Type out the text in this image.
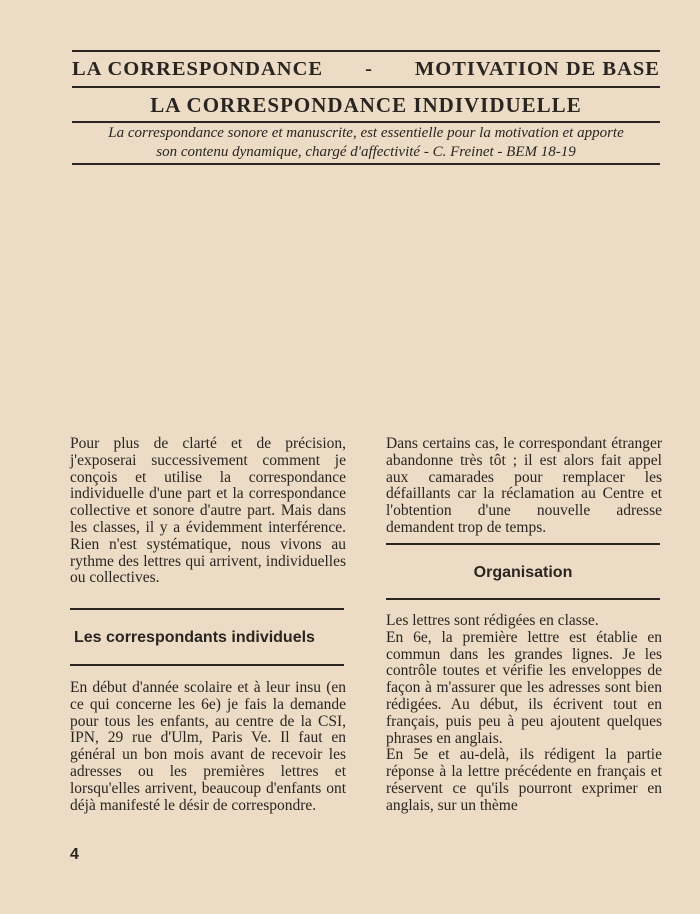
LA CORRESPONDANCE - MOTIVATION DE BASE
LA CORRESPONDANCE INDIVIDUELLE
La correspondance sonore et manuscrite, est essentielle pour la motivation et apporte
son contenu dynamique, chargé d'affectivité - C. Freinet - BEM 18-19

Pour plus de clarté et de précision, j'exposerai successivement comment je conçois et utilise la correspondance individuelle d'une part et la correspondance collective et sonore d'autre part. Mais dans les classes, il y a évidemment interférence. Rien n'est systématique, nous vivons au rythme des lettres qui arrivent, individuelles ou collectives.

Les correspondants individuels

En début d'année scolaire et à leur insu (en ce qui concerne les 6e) je fais la demande pour tous les enfants, au centre de la CSI, IPN, 29 rue d'Ulm, Paris Ve. Il faut en général un bon mois avant de recevoir les adresses ou les premières lettres et lorsqu'elles arrivent, beaucoup d'enfants ont déjà manifesté le désir de correspondre.

Dans certains cas, le correspondant étranger abandonne très tôt ; il est alors fait appel aux camarades pour remplacer les défaillants car la réclamation au Centre et l'obtention d'une nouvelle adresse demandent trop de temps.

Organisation

Les lettres sont rédigées en classe.

En 6e, la première lettre est établie en commun dans les grandes lignes. Je les contrôle toutes et vérifie les enveloppes de façon à m'assurer que les adresses sont bien rédigées. Au début, ils écrivent tout en français, puis peu à peu ajoutent quelques phrases en anglais.

En 5e et au-delà, ils rédigent la partie réponse à la lettre précédente en français et réservent ce qu'ils pourront exprimer en anglais, sur un thème

4
